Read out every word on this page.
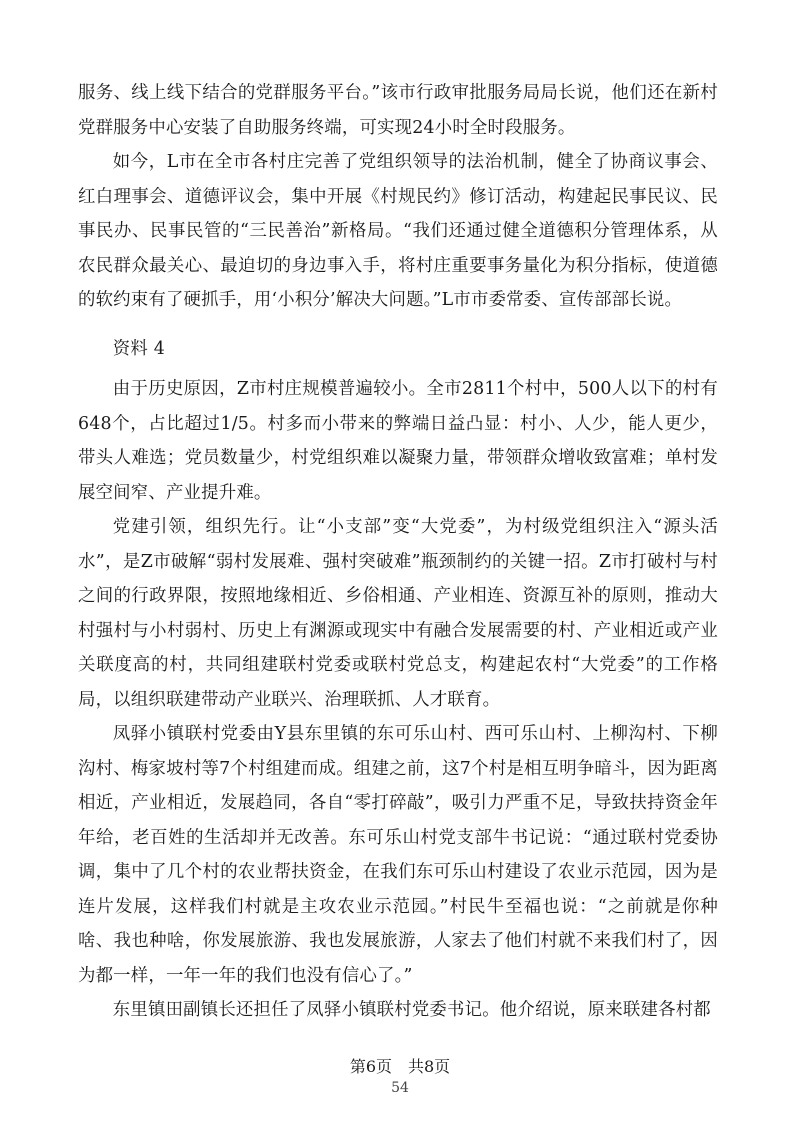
服务、线上线下结合的党群服务平台。”该市行政审批服务局局长说，他们还在新村党群服务中心安装了自助服务终端，可实现24小时全时段服务。

如今，L市在全市各村庄完善了党组织领导的法治机制，健全了协商议事会、红白理事会、道德评议会，集中开展《村规民约》修订活动，构建起民事民议、民事民办、民事民管的“三民善治”新格局。“我们还通过健全道德积分管理体系，从农民群众最关心、最迫切的身边事入手，将村庄重要事务量化为积分指标，使道德的软约束有了硬抓手，用‘小积分’解决大问题。”L市市委常委、宣传部部长说。

资料 4

由于历史原因，Z市村庄规模普遍较小。全市2811个村中，500人以下的村有648个，占比超过1/5。村多而小带来的弊端日益凸显：村小、人少，能人更少，带头人难选；党员数量少，村党组织难以凝聚力量，带领群众增收致富难；单村发展空间窄、产业提升难。

党建引领，组织先行。让“小支部”变“大党委”，为村级党组织注入“源头活水”，是Z市破解“弱村发展难、强村突破难”瓶颈制约的关键一招。Z市打破村与村之间的行政界限，按照地缘相近、乡俗相通、产业相连、资源互补的原则，推动大村强村与小村弱村、历史上有渊源或现实中有融合发展需要的村、产业相近或产业关联度高的村，共同组建联村党委或联村党总支，构建起农村“大党委”的工作格局，以组织联建带动产业联兴、治理联抓、人才联育。

凤驿小镇联村党委由Y县东里镇的东可乐山村、西可乐山村、上柳沟村、下柳沟村、梅家坡村等7个村组建而成。组建之前，这7个村是相互明争暗斗，因为距离相近，产业相近，发展趋同，各自“零打碎敲”，吸引力严重不足，导致扶持资金年年给，老百姓的生活却并无改善。东可乐山村党支部牛书记说：“通过联村党委协调，集中了几个村的农业帮扶资金，在我们东可乐山村建设了农业示范园，因为是连片发展，这样我们村就是主攻农业示范园。”村民牛至福也说：“之前就是你种啥、我也种啥，你发展旅游、我也发展旅游，人家去了他们村就不来我们村了，因为都一样，一年一年的我们也没有信心了。”

东里镇田副镇长还担任了凤驿小镇联村党委书记。他介绍说，原来联建各村都

第6页　共8页
54
